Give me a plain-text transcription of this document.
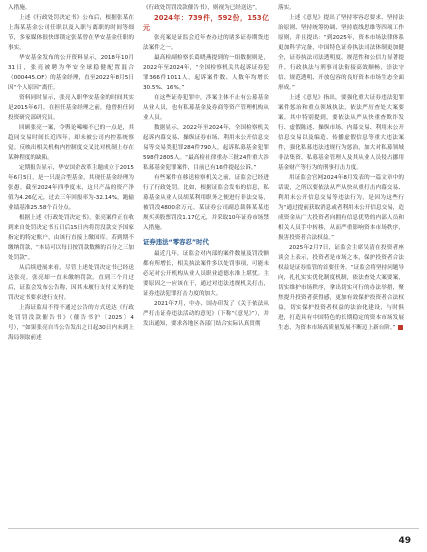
入措施。

上述《行政处罚决定书》公布后，根据张某在上海某基金公司任职以及入职与离职的时间等细节，多家媒体很快即锁定张某曾在华安基金任职的事实。

华安基金发布的公开资料显示，2018年10月31日，张亮被聘为华安全球稳健配置混合（000445.OF）的基金经理，直至2022年8月5日因“个人原因”离任。

资料同时显示，张亮入职华安基金的时间其实是2015年6月，在担任基金经理之前，他曾担任同投资研究部研究员。

回顾张亮一案，令舆论唏嘘不已的一点是，其趋同交易时间长近四年，却未被公司内控系统察觉。反映出相关机构内控制度交叉比对机制上存在某种程度的缺陷。

定期报告显示，华安国企改革主题成立于2015年6月5日，是一只混合型基金，其现任基金经理为张愚。截至2024年四季度末，这只产品的资产净值为4.26亿元，过去三年回报率为-32.14%，跑输业绩基准25.58个百分点。

根据上述《行政处罚决定书》，张亮案件正在收到来自处罚决定书五日后15日内将罚没款交予国家指定的特定账户，由该行直接上缴国库。若到期不缴纳罚款，“本局可以每日按罚款数额的百分之三加处罚款”。

从后续进展来看，尽管上述处罚决定书已经送达张亮，张亮却一直未缴纳罚款。直到三个月过后，证监会发布公告称，因其未履行支付义务的处罚决定书要求进行支付。

上海证监局不得不通过公告的方式送达《行政处罚罚没款催告书》（催告书沪〔2025〕4号），“如果张亮自当公告发出之日起30日内未到上海局领取前述

《行政处罚罚没款催告书》，则视为已经送达”。

2024年：739件，592份，153亿元

张亮案是证监会近年查办过的诸多证券期货违法案件之一。

最高检副检察长葛晓燕提到的一组数据则是，2022年至2024年，“全国检察机关共起诉证券犯罪366件1011人，起诉案件数、人数年均增长30.5%、16%。”

在这些证券犯罪中，涉案主体不止有公募基金从业人员，也有私募基金及券商等资产管理机构从业人员。

数据显示，2022年至2024年，全国检察机关起诉内幕交易、操纵证券市场、利用未公开信息交易等交易类犯罪284件790人，起诉私募基金犯罪598件2805人。“最高检社律重办三批24件重大涉私募基金犯罪案件，目前已有16件提起公诉。”

有些案件在移送检察机关之前，证监会已经进行了行政处罚。比如，根据证监会发布的信息，私募基金从业人员胡某利用职务之便进行非法交易，被罚没4800余万元。某证券公司副总裁韩某某违规买卖股票罚没1.17亿元，并采取10年证券市场禁入措施。

证券违法“零容忍”时代

最近几年，证监会对内部的案件数量及罚没额都有所增长，相关执法案件多以处罚事项，可能未必足对公开机构从业人员职业道德水准上堪忧。主要原因之一应该在于，通过对违法违规机关打击，证券违法犯罪打击力度的加大。

2021年7月，中办、国办印发了《关于依法从严打击证券违法活动的意见》（下称“《意见》”），并发出通知，要求各地区各部门结合实际认真贯彻

落实。

上述《意见》提出了坚持零容忍要求、坚持法治原则、坚持统筹协调、坚持底线思维等四项工作原则，并且提出：“到2025年，资本市场法律体系更加科学完备，中国特色证券执法司法体制更加健全，证券执法司法透明度、规范性和公信力显著提升，行政执法与刑事司法衔接高效顺畅，崇法守信、规范透明、开放包容的良好资本市场生态全面形成。”

上述《意见》指出，要强化重大证券违法犯罪案件惩治和重点领域执法，依法严厉查处大案要案。其中特别提到，要依法从严从快重查欺诈发行、虚假陈述、操纵市场、内幕交易、利用未公开信息交易以及编造、传播虚假信息等重大违法案件，强化私募违法违规行为惩治，加大对私募领域非法集资、私募基金管理人及其从业人员侵占挪用基金财产等行为的刑事打击力度。

用证监会官网2024年8月发表的一篇文章中的话说，之所以要依法从严从快从重打击内幕交易、利用未公开信息交易等违法行为，是因为这些行为“通过提前获取消息或者利用未公开信息交易，造成资金从广大投资者向拥有信息优势的内部人员和相关人员手中转移，从而严重影响资本市场秩序，损害投资者合法权益。”

2025年2月7日，证监会主席吴清在投资者座谈会上表示，投资者是市场之本，保护投资者合法权益是证券监管的首要任务。“证监会将坚持问题导向，扎扎实实优化制度机制，依法查处大案要案，切实维护市场秩序，拿出切实可行的办法举措，聚焦提升投资者获得感，更加有效保护投资者合法权益，切实保护投资者权益的法治化建设，与时俱进，打造具有中国特色的长期稳定的资本市场发展生态，为资本市场高质量发展不断迈上新台阶。”

49
